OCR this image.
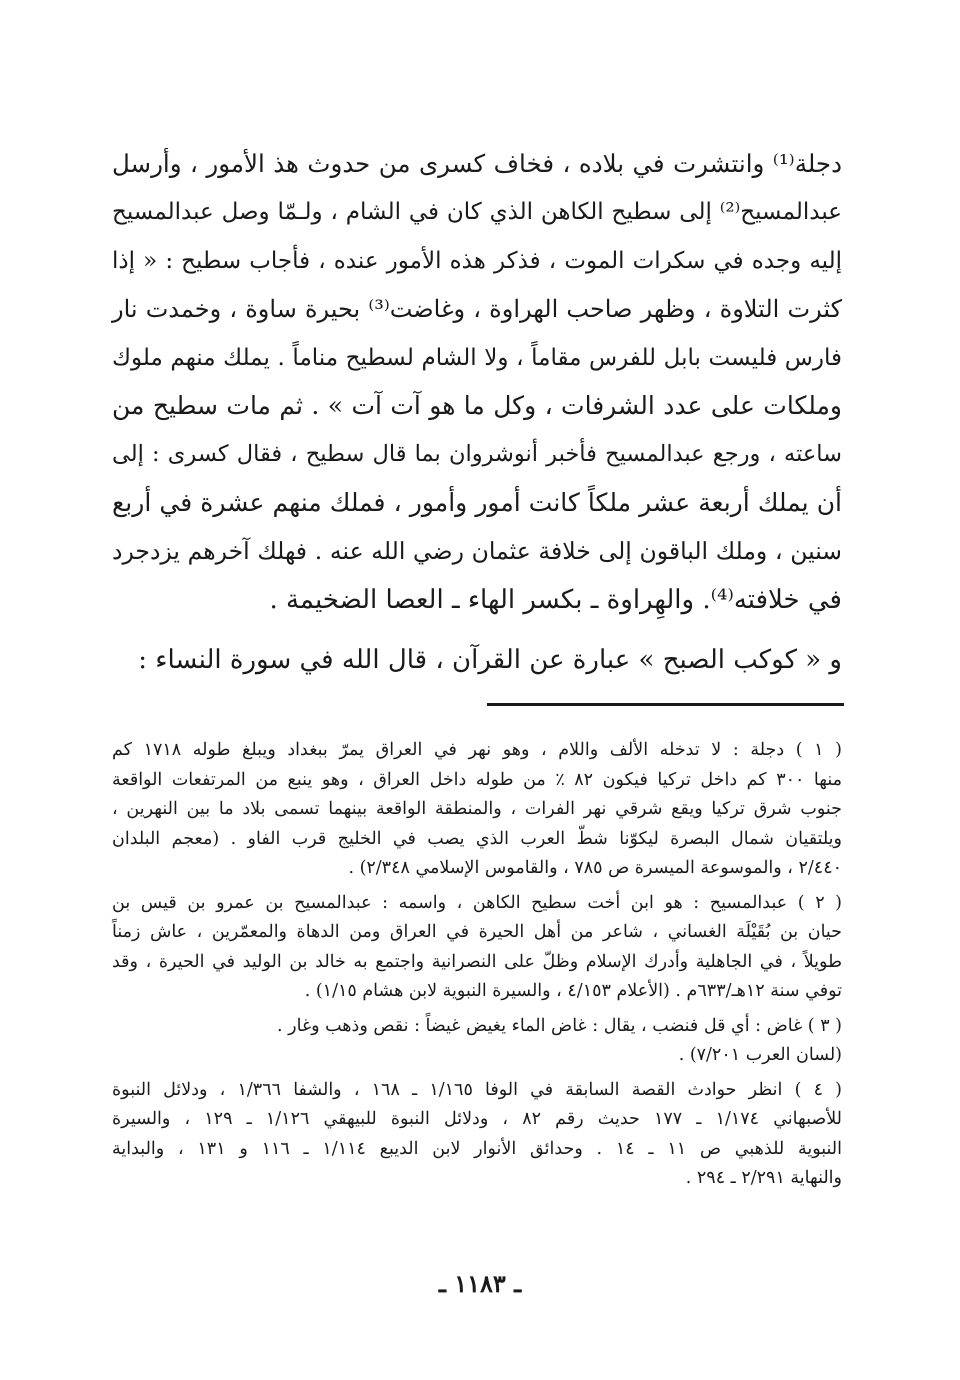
دجلة⁽¹⁾ وانتشرت في بلاده ، فخاف كسرى من حدوث هذ الأمور ، وأرسل
عبدالمسيح⁽²⁾ إلى سطيح الكاهن الذي كان في الشام ، ولـمّا وصل عبدالمسيح
إليه وجده في سكرات الموت ، فذكر هذه الأمور عنده ، فأجاب سطيح : « إذا
كثرت التلاوة ، وظهر صاحب الهراوة ، وغاضت⁽³⁾ بحيرة ساوة ، وخمدت نار
فارس فليست بابل للفرس مقاماً ، ولا الشام لسطيح مناماً . يملك منهم ملوك
وملكات على عدد الشرفات ، وكل ما هو آت آت » . ثم مات سطيح من
ساعته ، ورجع عبدالمسيح فأخبر أنوشروان بما قال سطيح ، فقال كسرى : إلى
أن يملك أربعة عشر ملكاً كانت أمور وأمور ، فملك منهم عشرة في أربع
سنين ، وملك الباقون إلى خلافة عثمان رضي الله عنه . فهلك آخرهم يزدجرد
في خلافته⁽⁴⁾. والهِراوة ـ بكسر الهاء ـ العصا الضخيمة .
و « كوكب الصبح » عبارة عن القرآن ، قال الله في سورة النساء :
( ١ ) دجلة : لا تدخله الألف واللام ، وهو نهر في العراق يمرّ ببغداد ويبلغ طوله ١٧١٨ كم
منها ٣٠٠ كم داخل تركيا فيكون ٨٢ ٪ من طوله داخل العراق ، وهو ينبع من المرتفعات الواقعة
جنوب شرق تركيا ويقع شرقي نهر الفرات ، والمنطقة الواقعة بينهما تسمى بلاد ما بين النهرين ،
ويلتقيان شمال البصرة ليكوّنا شطّ العرب الذي يصب في الخليج قرب الفاو . (معجم البلدان
٢/٤٤٠ ، والموسوعة الميسرة ص ٧٨٥ ، والقاموس الإسلامي ٢/٣٤٨) .
( ٢ ) عبدالمسيح : هو ابن أخت سطيح الكاهن ، واسمه : عبدالمسيح بن عمرو بن قيس بن
حيان بن بُقَيْلَة الغساني ، شاعر من أهل الحيرة في العراق ومن الدهاة والمعمّرين ، عاش زمناً
طويلاً ، في الجاهلية وأدرك الإسلام وظلّ على النصرانية واجتمع به خالد بن الوليد في الحيرة ، وقد
توفي سنة ١٢هـ/٦٣٣م . (الأعلام ٤/١٥٣ ، والسيرة النبوية لابن هشام ١/١٥) .
( ٣ ) غاض : أي قل فنضب ، يقال : غاض الماء يغيض غيضاً : نقص وذهب وغار .
(لسان العرب ٧/٢٠١) .
( ٤ ) انظر حوادث القصة السابقة في الوفا ١/١٦٥ ـ ١٦٨ ، والشفا ١/٣٦٦ ، ودلائل النبوة
للأصبهاني ١/١٧٤ ـ ١٧٧ حديث رقم ٨٢ ، ودلائل النبوة للبيهقي ١/١٢٦ ـ ١٢٩ ، والسيرة
النبوية للذهبي ص ١١ ـ ١٤ . وحدائق الأنوار لابن الديبع ١/١١٤ ـ ١١٦ و ١٣١ ، والبداية
والنهاية ٢/٢٩١ ـ ٢٩٤ .
ـ ١١٨٣ ـ
